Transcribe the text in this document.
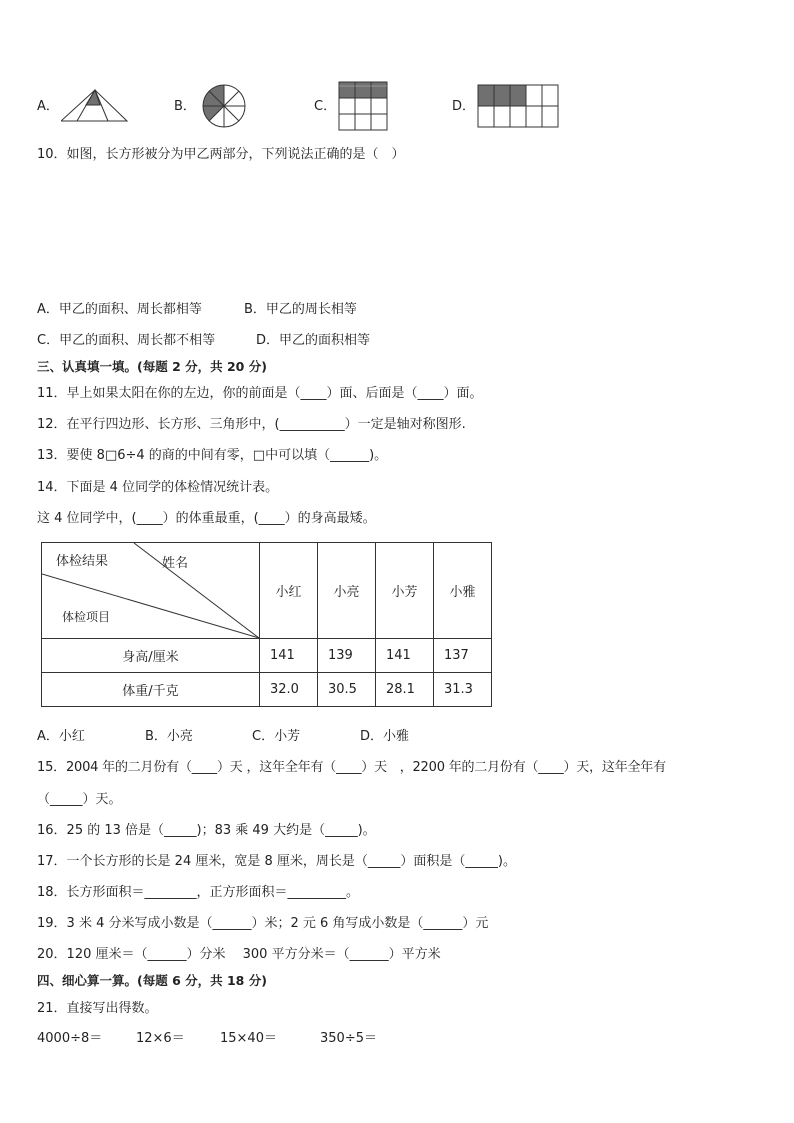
A．	B．	C．	D．
10．如图，长方形被分为甲乙两部分，下列说法正确的是（　）
A．甲乙的面积、周长都相等	B．甲乙的周长相等
C．甲乙的面积、周长都不相等	D．甲乙的面积相等
三、认真填一填。(每题 2 分，共 20 分)
11．早上如果太阳在你的左边，你的前面是（____）面、后面是（____）面。
12．在平行四边形、长方形、三角形中，(__________）一定是轴对称图形.
13．要使 8□6÷4 的商的中间有零，□中可以填（______)。
14．下面是 4 位同学的体检情况统计表。
这 4 位同学中，(____）的体重最重，(____）的身高最矮。
体检结果 姓名
体检项目	小红	小亮	小芳	小雅
身高/厘米	141	139	141	137
体重/千克	32.0	30.5	28.1	31.3
A．小红	B．小亮	C．小芳	D．小雅
15．2004 年的二月份有（____）天 ，这年全年有（____）天　，2200 年的二月份有（____）天，这年全年有
（_____）天。
16．25 的 13 倍是（_____)；83 乘 49 大约是（_____)。
17．一个长方形的长是 24 厘米，宽是 8 厘米，周长是（_____）面积是（_____)。
18．长方形面积＝________，正方形面积＝_________。
19．3 米 4 分米写成小数是（______）米；2 元 6 角写成小数是（______）元
20．120 厘米＝（______）分米　 300 平方分米＝（______）平方米
四、细心算一算。(每题 6 分，共 18 分)
21．直接写出得数。
4000÷8＝	12×6＝	15×40＝	350÷5＝
